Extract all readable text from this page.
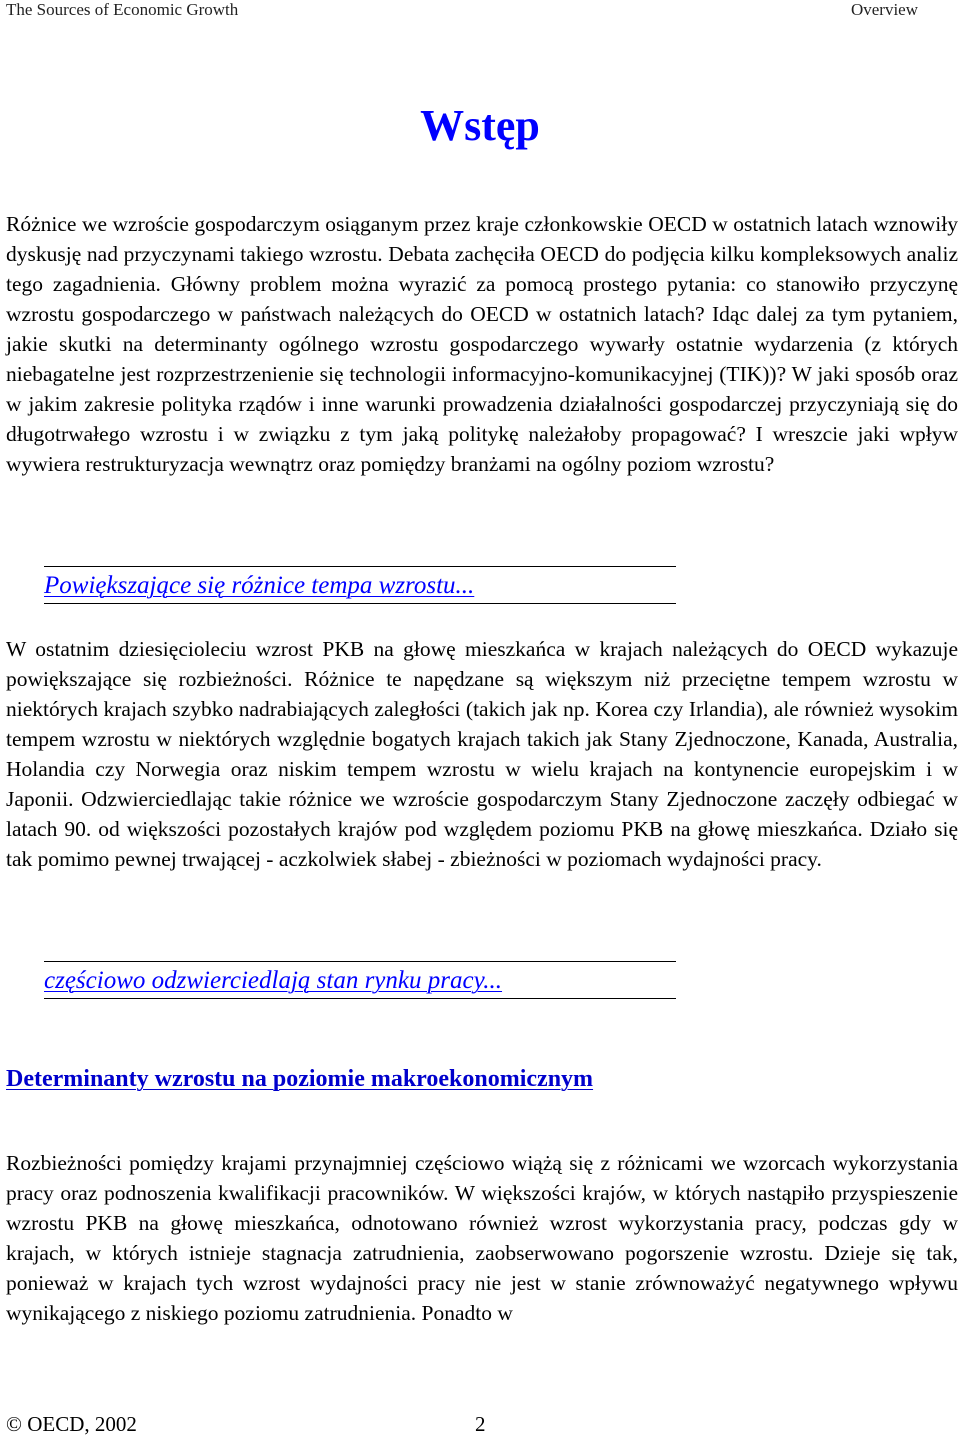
The Sources of Economic Growth	Overview
Wstęp
Różnice we wzroście gospodarczym osiąganym przez kraje członkowskie OECD w ostatnich latach wznowiły dyskusję nad przyczynami takiego wzrostu. Debata zachęciła OECD do podjęcia kilku kompleksowych analiz tego zagadnienia. Główny problem można wyrazić za pomocą prostego pytania: co stanowiło przyczynę wzrostu gospodarczego w państwach należących do OECD w ostatnich latach? Idąc dalej za tym pytaniem, jakie skutki na determinanty ogólnego wzrostu gospodarczego wywarły ostatnie wydarzenia (z których niebagatelne jest rozprzestrzenienie się technologii informacyjno-komunikacyjnej (TIK))? W jaki sposób oraz w jakim zakresie polityka rządów i inne warunki prowadzenia działalności gospodarczej przyczyniają się do długotrwałego wzrostu i w związku z tym jaką politykę należałoby propagować? I wreszcie jaki wpływ wywiera restrukturyzacja wewnątrz oraz pomiędzy branżami na ogólny poziom wzrostu?
Powiększające się różnice tempa wzrostu...
W ostatnim dziesięcioleciu wzrost PKB na głowę mieszkańca w krajach należących do OECD wykazuje powiększające się rozbieżności. Różnice te napędzane są większym niż przeciętne tempem wzrostu w niektórych krajach szybko nadrabiających zaległości (takich jak np. Korea czy Irlandia), ale również wysokim tempem wzrostu w niektórych względnie bogatych krajach takich jak Stany Zjednoczone, Kanada, Australia, Holandia czy Norwegia oraz niskim tempem wzrostu w wielu krajach na kontynencie europejskim i w Japonii. Odzwierciedlając takie różnice we wzroście gospodarczym Stany Zjednoczone zaczęły odbiegać w latach 90. od większości pozostałych krajów pod względem poziomu PKB na głowę mieszkańca. Działo się tak pomimo pewnej trwającej - aczkolwiek słabej - zbieżności w poziomach wydajności pracy.
częściowo odzwierciedlają stan rynku pracy...
Determinanty wzrostu na poziomie makroekonomicznym
Rozbieżności pomiędzy krajami przynajmniej częściowo wiążą się z różnicami we wzorcach wykorzystania pracy oraz podnoszenia kwalifikacji pracowników. W większości krajów, w których nastąpiło przyspieszenie wzrostu PKB na głowę mieszkańca, odnotowano również wzrost wykorzystania pracy, podczas gdy w krajach, w których istnieje stagnacja zatrudnienia, zaobserwowano pogorszenie wzrostu. Dzieje się tak, ponieważ w krajach tych wzrost wydajności pracy nie jest w stanie zrównoważyć negatywnego wpływu wynikającego z niskiego poziomu zatrudnienia. Ponadto w
© OECD, 2002	2
